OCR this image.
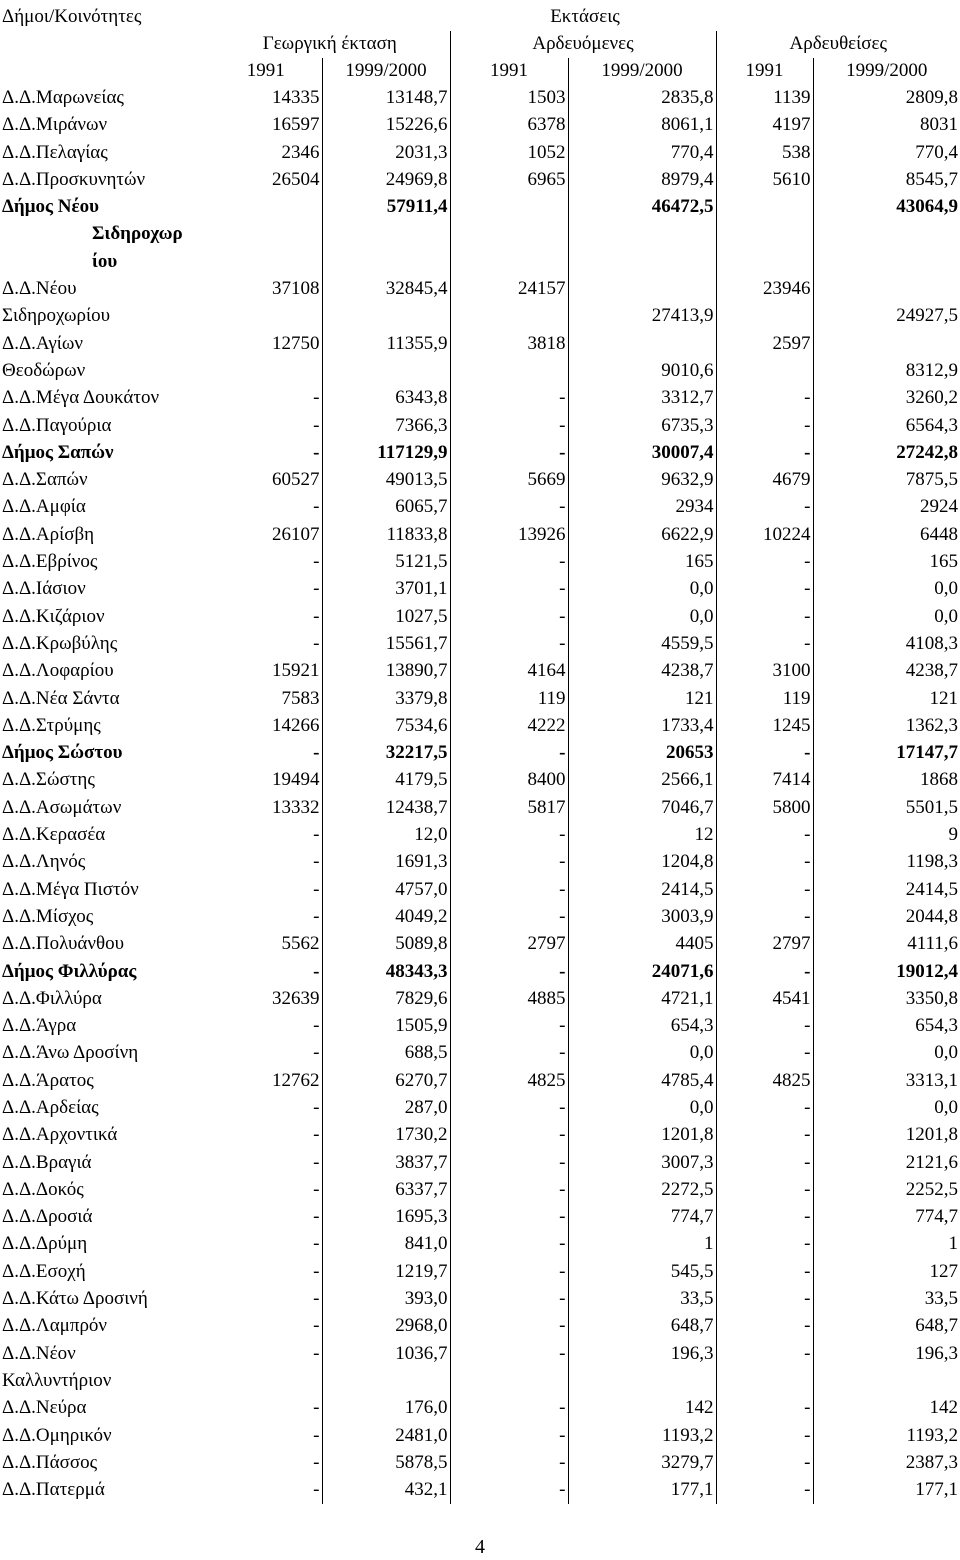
Δήμοι/Κοινότητες	Εκτάσεις					
	Γεωργική έκταση		Αρδευόμενες		Αρδευθείσες	
	1991	1999/2000	1991	1999/2000	1991	1999/2000
Δ.Δ.Μαρωνείας	14335	13148,7	1503	2835,8	1139	2809,8
Δ.Δ.Μιράνων	16597	15226,6	6378	8061,1	4197	8031
Δ.Δ.Πελαγίας	2346	2031,3	1052	770,4	538	770,4
Δ.Δ.Προσκυνητών	26504	24969,8	6965	8979,4	5610	8545,7
Δήμος Νέου		57911,4		46472,5		43064,9
Σιδηροχωρ						
ίου						
Δ.Δ.Νέου	37108	32845,4	24157		23946	
Σιδηροχωρίου				27413,9		24927,5
Δ.Δ.Αγίων	12750	11355,9	3818		2597	
Θεοδώρων				9010,6		8312,9
Δ.Δ.Μέγα Δουκάτον	-	6343,8	-	3312,7	-	3260,2
Δ.Δ.Παγούρια	-	7366,3	-	6735,3	-	6564,3
Δήμος Σαπών	-	117129,9	-	30007,4	-	27242,8
Δ.Δ.Σαπών	60527	49013,5	5669	9632,9	4679	7875,5
Δ.Δ.Αμφία	-	6065,7	-	2934	-	2924
Δ.Δ.Αρίσβη	26107	11833,8	13926	6622,9	10224	6448
Δ.Δ.Εβρίνος	-	5121,5	-	165	-	165
Δ.Δ.Ιάσιον	-	3701,1	-	0,0	-	0,0
Δ.Δ.Κιζάριον	-	1027,5	-	0,0	-	0,0
Δ.Δ.Κρωβύλης	-	15561,7	-	4559,5	-	4108,3
Δ.Δ.Λοφαρίου	15921	13890,7	4164	4238,7	3100	4238,7
Δ.Δ.Νέα Σάντα	7583	3379,8	119	121	119	121
Δ.Δ.Στρύμης	14266	7534,6	4222	1733,4	1245	1362,3
Δήμος Σώστου	-	32217,5	-	20653	-	17147,7
Δ.Δ.Σώστης	19494	4179,5	8400	2566,1	7414	1868
Δ.Δ.Ασωμάτων	13332	12438,7	5817	7046,7	5800	5501,5
Δ.Δ.Κερασέα	-	12,0	-	12	-	9
Δ.Δ.Ληνός	-	1691,3	-	1204,8	-	1198,3
Δ.Δ.Μέγα Πιστόν	-	4757,0	-	2414,5	-	2414,5
Δ.Δ.Μίσχος	-	4049,2	-	3003,9	-	2044,8
Δ.Δ.Πολυάνθου	5562	5089,8	2797	4405	2797	4111,6
Δήμος Φιλλύρας	-	48343,3	-	24071,6	-	19012,4
Δ.Δ.Φιλλύρα	32639	7829,6	4885	4721,1	4541	3350,8
Δ.Δ.Άγρα	-	1505,9	-	654,3	-	654,3
Δ.Δ.Άνω Δροσίνη	-	688,5	-	0,0	-	0,0
Δ.Δ.Άρατος	12762	6270,7	4825	4785,4	4825	3313,1
Δ.Δ.Αρδείας	-	287,0	-	0,0	-	0,0
Δ.Δ.Αρχοντικά	-	1730,2	-	1201,8	-	1201,8
Δ.Δ.Βραγιά	-	3837,7	-	3007,3	-	2121,6
Δ.Δ.Δοκός	-	6337,7	-	2272,5	-	2252,5
Δ.Δ.Δροσιά	-	1695,3	-	774,7	-	774,7
Δ.Δ.Δρύμη	-	841,0	-	1	-	1
Δ.Δ.Εσοχή	-	1219,7	-	545,5	-	127
Δ.Δ.Κάτω Δροσινή	-	393,0	-	33,5	-	33,5
Δ.Δ.Λαμπρόν	-	2968,0	-	648,7	-	648,7
Δ.Δ.Νέον	-	1036,7	-	196,3	-	196,3
Καλλυντήριον						
Δ.Δ.Νεύρα	-	176,0	-	142	-	142
Δ.Δ.Ομηρικόν	-	2481,0	-	1193,2	-	1193,2
Δ.Δ.Πάσσος	-	5878,5	-	3279,7	-	2387,3
Δ.Δ.Πατερμά	-	432,1	-	177,1	-	177,1
4
